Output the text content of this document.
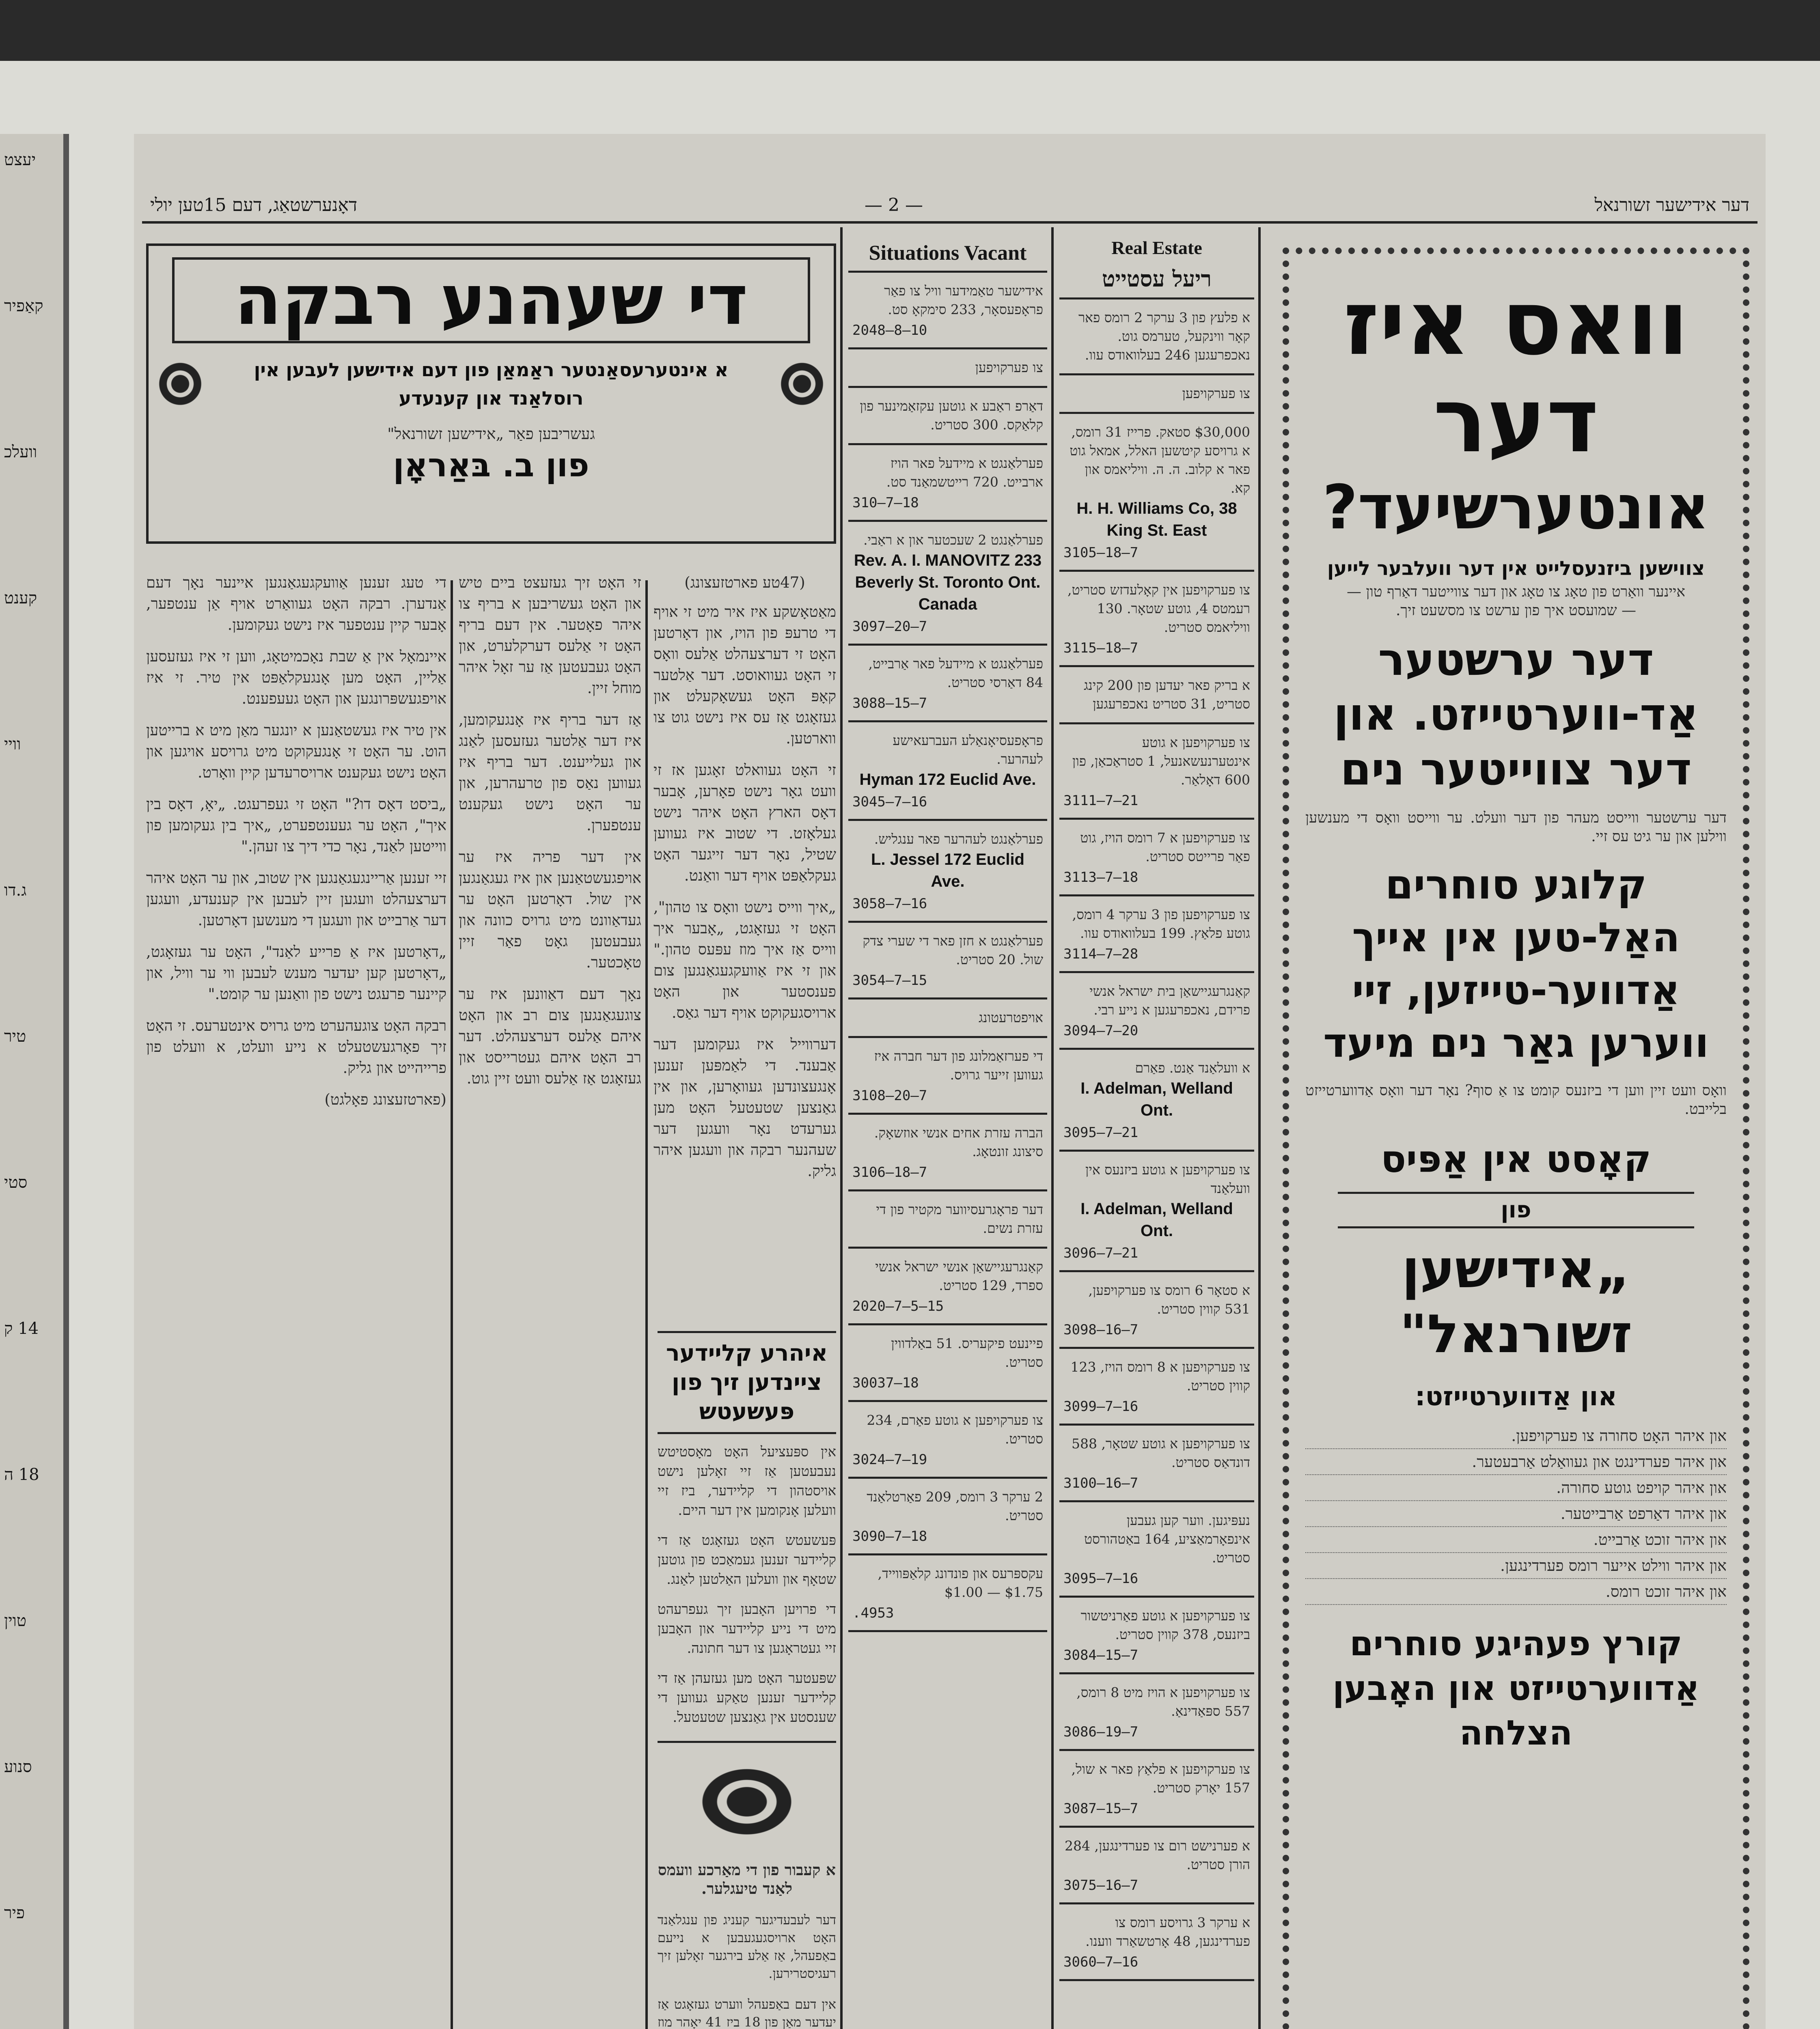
יעצט
קאַפיר
וועלכ
קענט
וויי
ג.דו
טיר
סטי
14 ק
18 ה
טוין
סנוע
פיר
דער אידישער זשורנאל
— 2 —
דאָנערשטאַג, דעם 15טען יולי
וואס איז
דער
אונטערשיעד?
צווישען ביזנעסלייט אין דער וועלבער לייען
איינער וואַרט פון טאָג צו טאָג און דער צווייטער דאַרף טון —
— שמועסט איך פון ערשט צו מסשעט זיך.
דער ערשטער אַד-ווערטייזט. און דער צווייטער נים
דער ערשטער ווייסט מעהר פון דער וועלט. ער ווייסט וואָס די מענשען ווילען און ער גיט עס זיי.
קלוגע סוחרים האַל-טען אין אייך אַדווער-טייזען, זיי ווערען גאַר נים מיעד
וואָס וועט זיין ווען די ביזנעס קומט צו אַ סוף? נאָר דער וואָס אַדווערטייזט בלייבט.
קאָסט אין אַפּיס
פון
„אידישען
זשורנאל"
און אַדווערטייזט:
און איהר האָט סחורה צו פערקויפען.
און איהר פערדינגט און געוואַלט אַרבעטער.
און איהר קויפט גוטע סחורה.
און איהר דאַרפט אַרבייטער.
און איהר זוכט אַרבייט.
און איהר ווילט אייער רומס פערדינגען.
און איהר זוכט רומס.
קורץ פעהיגע סוחרים
אַדווערטייזט און האָבען
הצלחה
Real Estate
ריעל עסטייט
א פלעץ פון 3 ערקר 2 רומס פאר קאָר ווינקעל, טערמס גוט. נאכפרעגען 246 בעלוואודס עוו.
צו פערקויפען
$30,000 סטאק. פרייז 31 רומס, א גרויסע קיטשען האלל, אמאל גוט פאר א קלוב. ה. ה. וויליאמס און קא.
H. H. Williams Co, 38 King St. East
3105—18—7
צו פערקויפען אין קאָלעדזש סטריט, רעמטס 4, גוטע שטאָר. 130 וויליאמס סטריט.
3115—18—7
א בריק פאר יעדען פון 200 קינג סטריט, 31 סטריט נאכפרעגען
צו פערקויפען א גוטע אינטערנעשאנעל, 1 סטראַכאַן, פון 600 דאָלאַר.
3111—7—21
צו פערקויפען א 7 רומס הויז, גוט פאַר פרייטס סטריט.
3113—7—18
צו פערקויפען פון 3 ערקר 4 רומס, גוטע פלאַץ. 199 בעלוואודס עוו.
3114—7—28
קאַנגרעגיישאַן בית ישראל אנשי פרידם, נאכפרעגען א נייע רבי.
3094—7—20
א וועלאַנד אַנט. פאַרם
I. Adelman, Welland Ont.
3095—7—21
צו פערקויפען א גוטע ביזנעס אין וועלאַנד
I. Adelman, Welland Ont.
3096—7—21
א סטאָר 6 רומס צו פערקויפען, 531 קווין סטריט.
3098—16—7
צו פערקויפען א 8 רומס הויז, 123 קווין סטריט.
3099—7—16
צו פערקויפען א גוטע שטאָר, 588 דונדאַס סטריט.
3100—16—7
נעפּיגען. ווער קען געבען אינפאָרמאַציע, 164 באַטהורסט סטריט.
3095—7—16
צו פערקויפען א גוטע פאַרניטשור ביזנעס, 378 קווין סטריט.
3084—15—7
צו פערקויפען א הויז מיט 8 רומס, 557 ספּאַדינאַ.
3086—19—7
צו פערקויפען א פלאַץ פאר א שול, 157 יאָרק סטריט.
3087—15—7
א פערנישט רום צו פערדינגען, 284 הורן סטריט.
3075—16—7
א ערקר 3 גרויסע רומס צו פערדינגען, 48 אָרטשאַרד ווענו.
3060—7—16
Situations Vacant
אידישער טאַמידער וויל צו פאַר פראָפעסאָר, 233 סימקאָ סט.
2048—8—10
צו פערקויפען
דאַרפ ראַבע א גוטען עקזאַמינער פון קלאַקס. 300 סטריט.
פערלאַנגט א מיידעל פאר הויז ארבייט. 720 רייטשמאַנד סט.
310—7—18
פערלאַנגט 2 שעכטער און א ראַבי.
Rev. A. I. MANOVITZ 233 Beverly St. Toronto Ont. Canada
3097—20—7
פערלאַנגט א מיידעל פאר אַרבייט, 84 דאַרסי סטריט.
3088—15—7
פראָפעסיאָנאַלע העברעאישע לעהרער.
Hyman 172 Euclid Ave.
3045—7—16
פערלאַנגט לעהרער פאר ענגליש.
L. Jessel 172 Euclid Ave.
3058—7—16
פערלאַנגט א חזן פאר די שערי צדק שול. 20 סטריט.
3054—7—15
אויפטרעטונג
די פערזאַמלונג פון דער חברה איז געווען זייער גרויס.
3108—20—7
הברה עזרת אחים אנשי אוזשאָק. סיצונג זונטאָג.
3106—18—7
דער פראָגרעסיווער מקטיר פון די עזרת נשים.
קאַנגרעגיישאַן אנשי ישראל אנשי ספרד, 129 סטריט.
2020—7—5—15
פיינעט פיקעריס. 51 באַלדווין סטריט.
30037—18
צו פערקויפען א גוטע פאַרם, 234 סטריט.
3024—7—19
2 ערקר 3 רומס, 209 פאַרטלאַנד סטריט.
3090—7—18
עקספּרעס און פונדונג קלאַפּווייד, $1.75 — $1.00
.4953
די שעהנע רבקה
א אינטערעסאַנטער ראַמאַן פון דעם אידישען לעבען אין רוסלאַנד און קענעדע
געשריבען פאַר „אידישען זשורנאל"
פון ב. בּאַראָן
(47טע פארטזעצונג)

מאַטאָשקע איז איר מיט זי אויף די טרעפּ פון הויז, און דאָרטען האָט זי דערצעהלט אַלעס וואָס זי האָט געוואוסט. דער אַלטער קאָפּ האָט געשאָקעלט און געזאָגט אַז עס איז נישט גוט צו ווארטען.

זי האָט געוואלט זאָגען אז זי וועט גאָר נישט פאָרען, אָבער דאָס הארץ האָט איהר נישט געלאָזט. די שטוב איז געווען שטיל, נאָר דער זייגער האָט געקלאַפּט אויף דער וואַנט.

„איך ווייס נישט וואָס צו טהון", האָט זי געזאָגט, „אָבער איך ווייס אַז איך מוז עפּעס טהון." און זי איז אַוועקגעגאַנגען צום פענסטער און האָט ארויסגעקוקט אויף דער גאַס.

דערווייל איז געקומען דער אַבענד. די לאַמפּען זענען אָנגעצונדען געוואָרען, און אין גאַנצען שטעטעל האָט מען גערעדט נאָר וועגען דער שעהנער רבקה און וועגען איהר גליק.

זי האָט זיך געזעצט ביים טיש און האָט געשריבען א בריף צו איהר פאָטער. אין דעם בריף האָט זי אַלעס דערקלערט, און האָט געבעטען אַז ער זאָל איהר מוחל זיין.

אַז דער בריף איז אָנגעקומען, איז דער אַלטער געזעסען לאַנג און געלייענט. דער בריף איז געווען נאַס פון טרעהרען, און ער האָט נישט געקענט ענטפערן.

אין דער פריה איז ער אויפגעשטאַנען און איז געגאַנגען אין שול. דאָרטען האָט ער געדאַוונט מיט גרויס כוונה און געבעטען גאָט פאַר זיין טאָכטער.

נאָך דעם דאַוונען איז ער צוגעגאַנגען צום רב און האָט איהם אַלעס דערצעהלט. דער רב האָט איהם געטרייסט און געזאָגט אַז אַלעס וועט זיין גוט.

די טעג זענען אַוועקגעגאַנגען איינער נאָך דעם אַנדערן. רבקה האָט געוואַרט אויף אַן ענטפער, אָבער קיין ענטפער איז נישט געקומען.

איינמאָל אין אַ שבת נאָכמיטאָג, ווען זי איז געזעסען אַליין, האָט מען אָנגעקלאַפּט אין טיר. זי איז אויפגעשפּרונגען און האָט געעפענט.

אין טיר איז געשטאַנען א יונגער מאַן מיט א ברייטען הוט. ער האָט זי אָנגעקוקט מיט גרויסע אויגען און האָט נישט געקענט ארויסרעדען קיין וואָרט.

„ביסט דאָס דו?" האָט זי געפרעגט. „יאָ, דאָס בין איך", האָט ער געענטפערט, „איך בין געקומען פון ווייטען לאַנד, נאָר כדי דיך צו זעהן."

זיי זענען אַריינגעגאַנגען אין שטוב, און ער האָט איהר דערצעהלט וועגען זיין לעבען אין קענעדע, וועגען דער אַרבייט און וועגען די מענשען דאָרטען.

„דאָרטען איז אַ פרייע לאַנד", האָט ער געזאָגט, „דאָרטען קען יעדער מענש לעבען ווי ער וויל, און קיינער פרעגט נישט פון וואַנען ער קומט."

רבקה האָט צוגעהערט מיט גרויס אינטערעס. זי האָט זיך פאָרגעשטעלט א נייע וועלט, א וועלט פון פרייהייט און גליק.

(פארטזעצונג פאָלגט)

איהרע קליידער ציינדען זיך פון פּעשעטש

אין ספּעציעל האָט מאָסטיטש נעבעטען אַז זיי זאָלען נישט אויסטהון די קליידער, ביז זיי וועלען אָנקומען אין דער היים.

פּעשעטש האָט געזאָגט אַז די קליידער זענען געמאַכט פון גוטען שטאָף און וועלען האַלטען לאַנג.

די פרויען האָבען זיך געפרעהט מיט די נייע קליידער און האָבען זיי געטראָגען צו דער חתונה.

שפּעטער האָט מען געזעהן אַז די קליידער זענען טאַקע געווען די שענסטע אין גאַנצען שטעטעל.

א קעבור פון די מאַרכע וועמס לאַנד טיעגלער.

דער לעבעדיגער קעניג פון ענגלאַנד האָט ארויסגעגעבען א נייעם באַפעהל, אַז אַלע בירגער זאָלען זיך רעגיסטרירען.

אין דעם באַפעהל ווערט געזאָגט אַז יעדער מאַן פון 18 ביז 41 יאָהר מוז
